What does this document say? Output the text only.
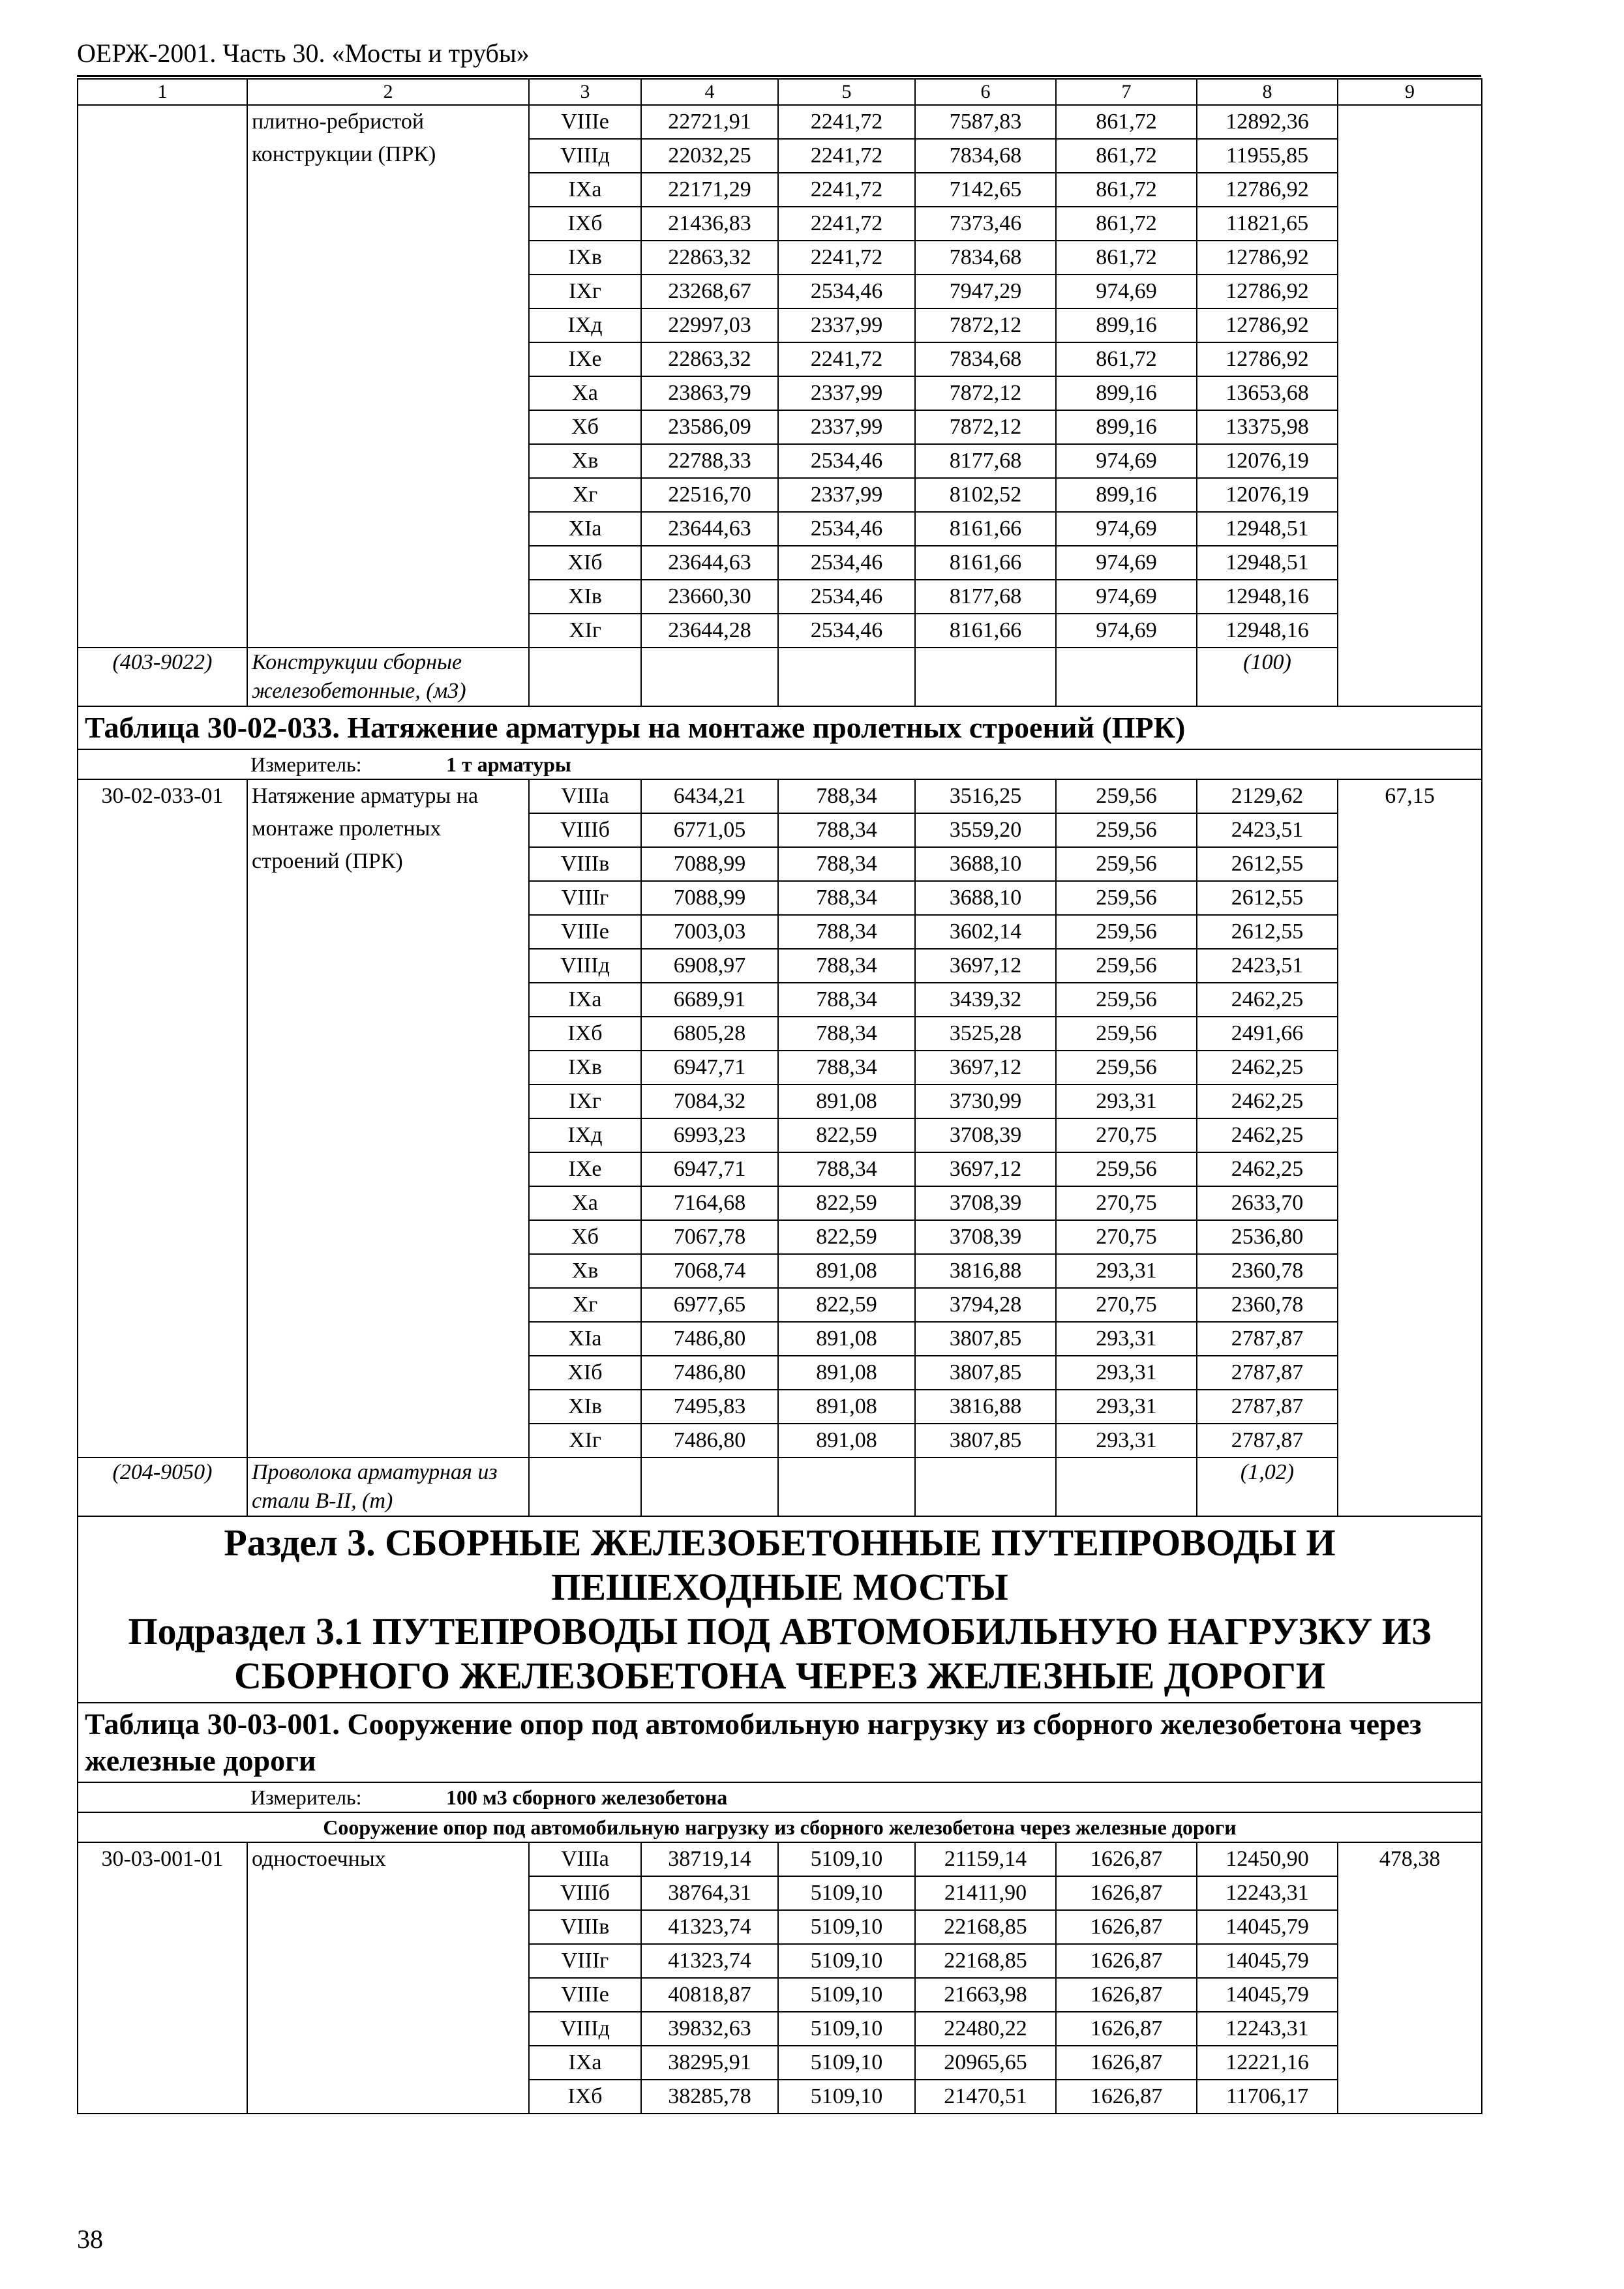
ОЕРЖ-2001. Часть 30. «Мосты и трубы»
1	2	3	4	5	6	7	8	9
	плитно-ребристой конструкции (ПРК)	VIIIе	22721,91	2241,72	7587,83	861,72	12892,36	
		VIIIд	22032,25	2241,72	7834,68	861,72	11955,85	
		IXа	22171,29	2241,72	7142,65	861,72	12786,92	
		IXб	21436,83	2241,72	7373,46	861,72	11821,65	
		IXв	22863,32	2241,72	7834,68	861,72	12786,92	
		IXг	23268,67	2534,46	7947,29	974,69	12786,92	
		IXд	22997,03	2337,99	7872,12	899,16	12786,92	
		IXе	22863,32	2241,72	7834,68	861,72	12786,92	
		Xа	23863,79	2337,99	7872,12	899,16	13653,68	
		Xб	23586,09	2337,99	7872,12	899,16	13375,98	
		Xв	22788,33	2534,46	8177,68	974,69	12076,19	
		Xг	22516,70	2337,99	8102,52	899,16	12076,19	
		XIа	23644,63	2534,46	8161,66	974,69	12948,51	
		XIб	23644,63	2534,46	8161,66	974,69	12948,51	
		XIв	23660,30	2534,46	8177,68	974,69	12948,16	
		XIг	23644,28	2534,46	8161,66	974,69	12948,16	
(403-9022)	Конструкции сборные железобетонные, (м3)						(100)	
Таблица 30-02-033. Натяжение арматуры на монтаже пролетных строений (ПРК)								
Измеритель: 1 т арматуры								
30-02-033-01	Натяжение арматуры на монтаже пролетных строений (ПРК)	VIIIа	6434,21	788,34	3516,25	259,56	2129,62	67,15
		VIIIб	6771,05	788,34	3559,20	259,56	2423,51	
		VIIIв	7088,99	788,34	3688,10	259,56	2612,55	
		VIIIг	7088,99	788,34	3688,10	259,56	2612,55	
		VIIIе	7003,03	788,34	3602,14	259,56	2612,55	
		VIIIд	6908,97	788,34	3697,12	259,56	2423,51	
		IXа	6689,91	788,34	3439,32	259,56	2462,25	
		IXб	6805,28	788,34	3525,28	259,56	2491,66	
		IXв	6947,71	788,34	3697,12	259,56	2462,25	
		IXг	7084,32	891,08	3730,99	293,31	2462,25	
		IXд	6993,23	822,59	3708,39	270,75	2462,25	
		IXе	6947,71	788,34	3697,12	259,56	2462,25	
		Xа	7164,68	822,59	3708,39	270,75	2633,70	
		Xб	7067,78	822,59	3708,39	270,75	2536,80	
		Xв	7068,74	891,08	3816,88	293,31	2360,78	
		Xг	6977,65	822,59	3794,28	270,75	2360,78	
		XIа	7486,80	891,08	3807,85	293,31	2787,87	
		XIб	7486,80	891,08	3807,85	293,31	2787,87	
		XIв	7495,83	891,08	3816,88	293,31	2787,87	
		XIг	7486,80	891,08	3807,85	293,31	2787,87	
(204-9050)	Проволока арматурная из стали В-II, (т)						(1,02)	

Раздел 3. СБОРНЫЕ ЖЕЛЕЗОБЕТОННЫЕ ПУТЕПРОВОДЫ И
ПЕШЕХОДНЫЕ МОСТЫ
Подраздел 3.1 ПУТЕПРОВОДЫ ПОД АВТОМОБИЛЬНУЮ НАГРУЗКУ ИЗ
СБОРНОГО ЖЕЛЕЗОБЕТОНА ЧЕРЕЗ ЖЕЛЕЗНЫЕ ДОРОГИ								

Таблица 30-03-001. Сооружение опор под автомобильную нагрузку из сборного железобетона через железные дороги								
Измеритель: 100 м3 сборного железобетона								
Сооружение опор под автомобильную нагрузку из сборного железобетона через железные дороги								
30-03-001-01	одностоечных	VIIIа	38719,14	5109,10	21159,14	1626,87	12450,90	478,38
		VIIIб	38764,31	5109,10	21411,90	1626,87	12243,31	
		VIIIв	41323,74	5109,10	22168,85	1626,87	14045,79	
		VIIIг	41323,74	5109,10	22168,85	1626,87	14045,79	
		VIIIе	40818,87	5109,10	21663,98	1626,87	14045,79	
		VIIIд	39832,63	5109,10	22480,22	1626,87	12243,31	
		IXа	38295,91	5109,10	20965,65	1626,87	12221,16	
		IXб	38285,78	5109,10	21470,51	1626,87	11706,17	
38
